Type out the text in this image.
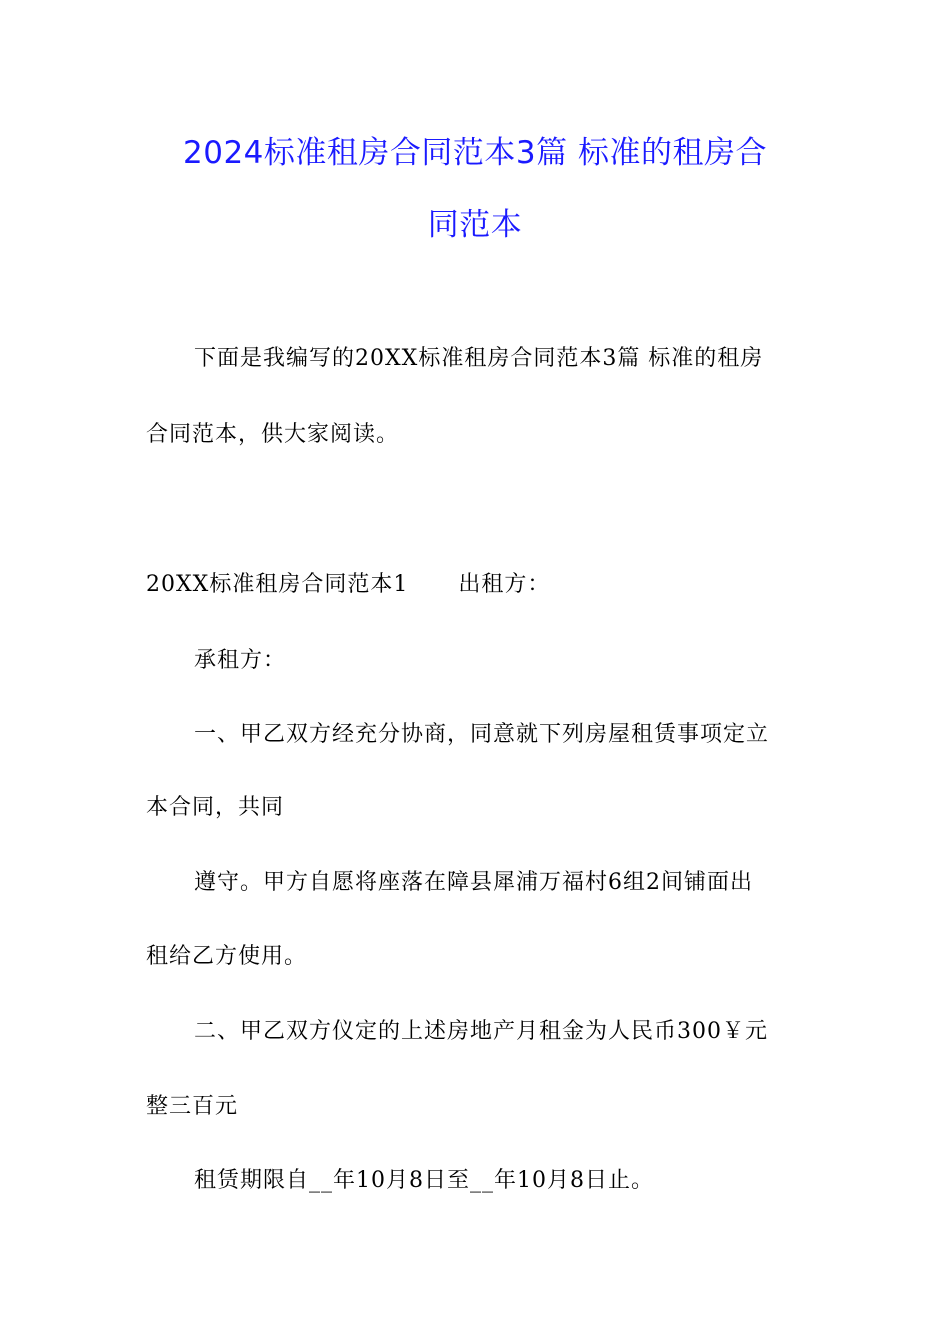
2024标准租房合同范本3篇 标准的租房合
同范本
下面是我编写的20XX标准租房合同范本3篇 标准的租房
合同范本，供大家阅读。
20XX标准租房合同范本1 出租方：
承租方：
一、甲乙双方经充分协商，同意就下列房屋租赁事项定立
本合同，共同
遵守。甲方自愿将座落在障县犀浦万福村6组2间铺面出
租给乙方使用。
二、甲乙双方仪定的上述房地产月租金为人民币300￥元
整三百元
租赁期限自__年10月8日至__年10月8日止。
